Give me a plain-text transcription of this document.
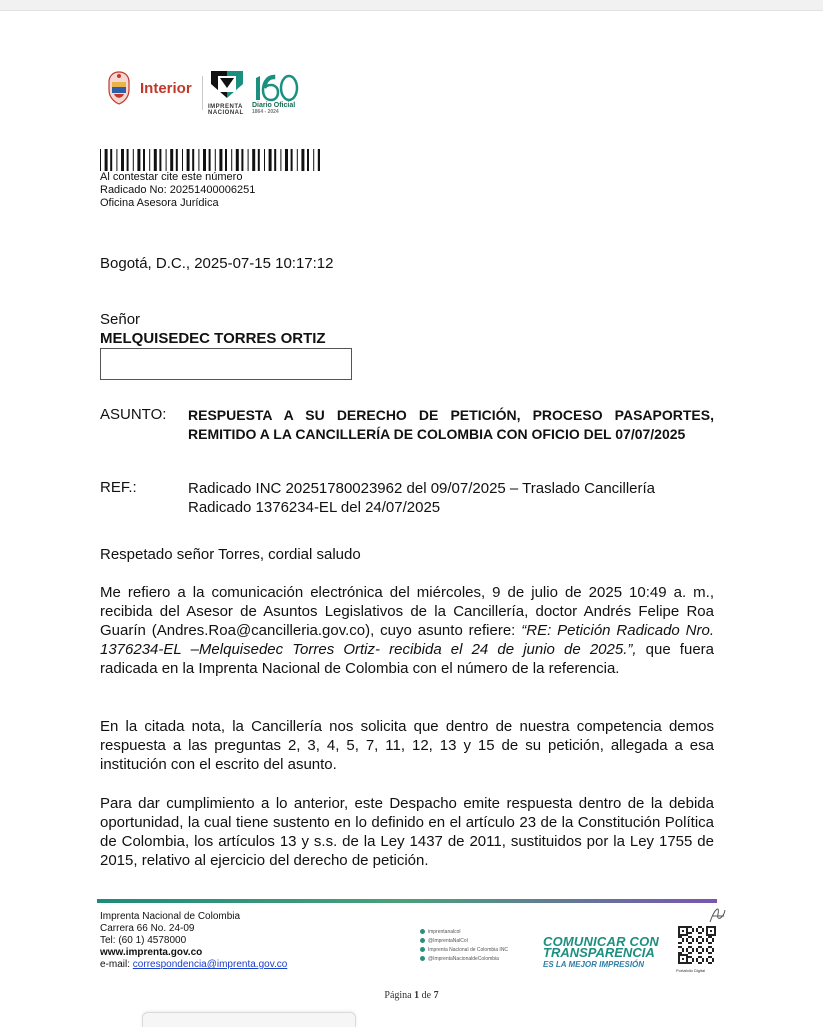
Interior
IMPRENTA
NACIONAL
Diario Oficial
1864 - 2024
Al contestar cite este número
Radicado No: 20251400006251
Oficina Asesora Jurídica
Bogotá, D.C., 2025-07-15 10:17:12
Señor
MELQUISEDEC TORRES ORTIZ
ASUNTO: RESPUESTA A SU DERECHO DE PETICIÓN, PROCESO PASAPORTES, REMITIDO A LA CANCILLERÍA DE COLOMBIA CON OFICIO DEL 07/07/2025
REF.:	Radicado INC 20251780023962 del 09/07/2025 – Traslado Cancillería
Radicado 1376234-EL del 24/07/2025
Respetado señor Torres, cordial saludo
Me refiero a la comunicación electrónica del miércoles, 9 de julio de 2025 10:49 a. m., recibida del Asesor de Asuntos Legislativos de la Cancillería, doctor Andrés Felipe Roa Guarín (Andres.Roa@cancilleria.gov.co), cuyo asunto refiere: “RE: Petición Radicado Nro. 1376234-EL –Melquisedec Torres Ortiz- recibida el 24 de junio de 2025.”, que fuera radicada en la Imprenta Nacional de Colombia con el número de la referencia.
En la citada nota, la Cancillería nos solicita que dentro de nuestra competencia demos respuesta a las preguntas 2, 3, 4, 5, 7, 11, 12, 13 y 15 de su petición, allegada a esa institución con el escrito del asunto.
Para dar cumplimiento a lo anterior, este Despacho emite respuesta dentro de la debida oportunidad, la cual tiene sustento en lo definido en el artículo 23 de la Constitución Política de Colombia, los artículos 13 y s.s. de la Ley 1437 de 2011, sustituidos por la Ley 1755 de 2015, relativo al ejercicio del derecho de petición.
Imprenta Nacional de Colombia
Carrera 66 No. 24-09
Tel: (60 1) 4578000
www.imprenta.gov.co
e-mail: correspondencia@imprenta.gov.co
imprentanalcol
@ImprentaNalCol
Imprenta Nacional de Colombia INC
@ImprentaNacionaldeColombia
COMUNICAR CON
TRANSPARENCIA
ES LA MEJOR IMPRESIÓN
Portafolio Digital
Página 1 de 7
